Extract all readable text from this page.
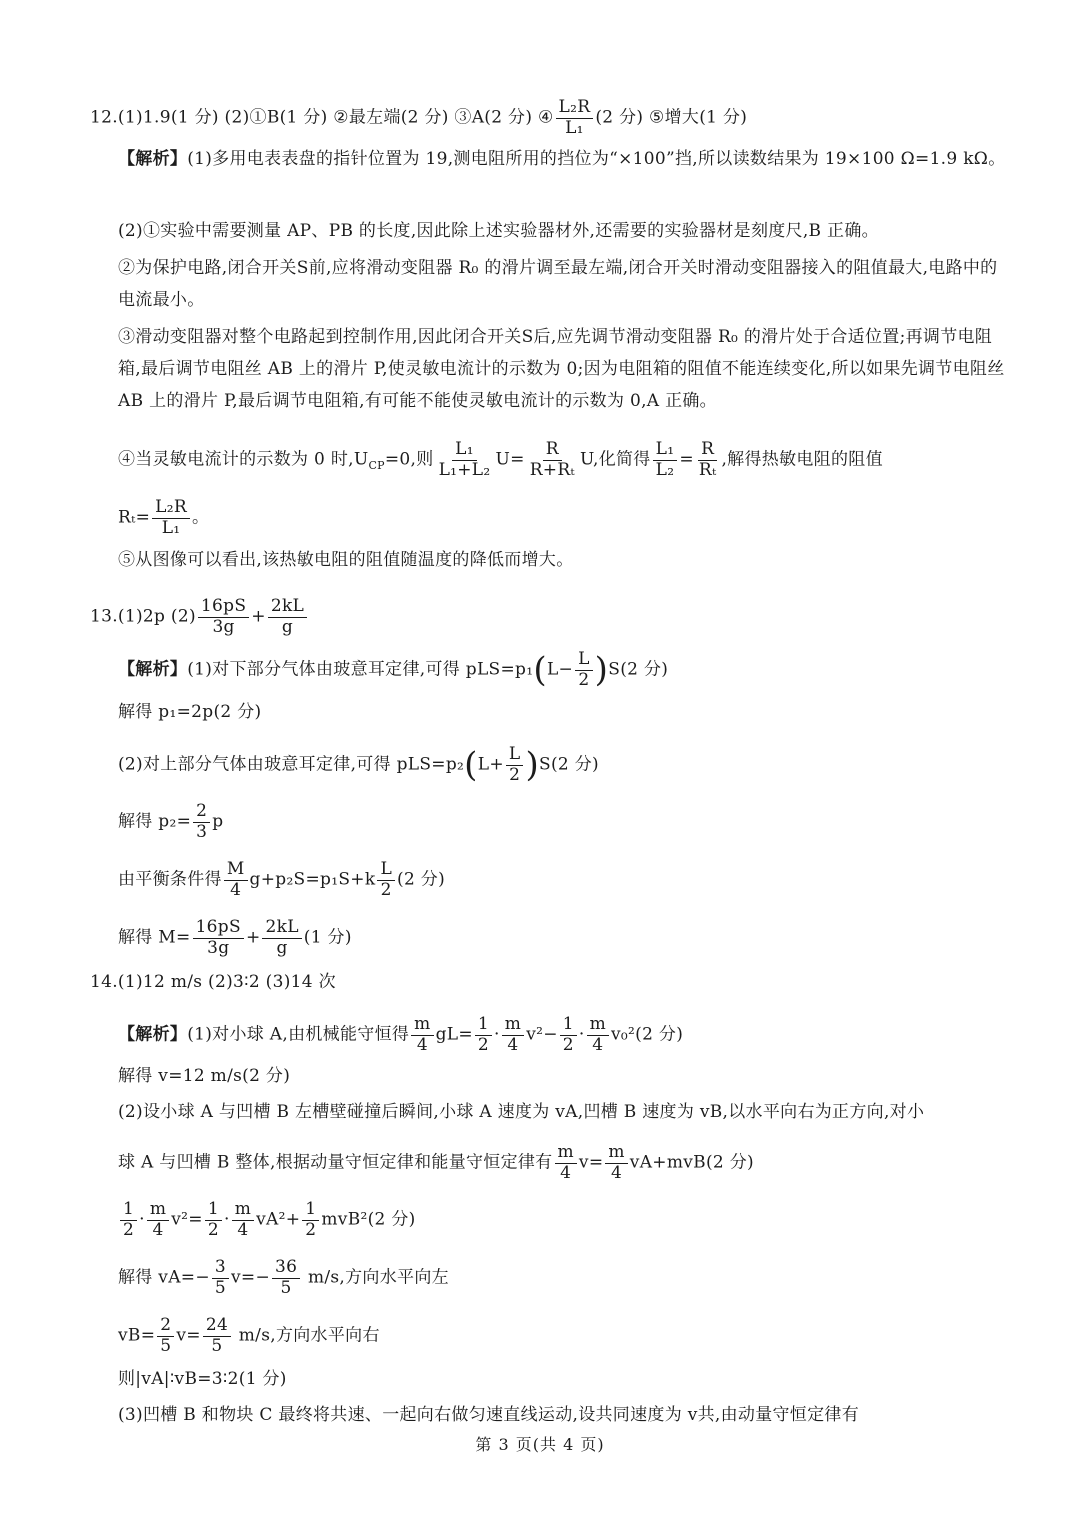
12.(1)1.9(1 分) (2)①B(1 分) ②最左端(2 分) ③A(2 分) ④ $\frac{\text{L₂R}}{\text{L₁}} (2$ 分) ⑤增大(1 分)
【解析】(1)多用电表表盘的指针位置为 19,测电阻所用的挡位为“×100”挡,所以读数结果为 19×100 Ω=1.9 kΩ。
(2)①实验中需要测量 AP、PB 的长度,因此除上述实验器材外,还需要的实验器材是刻度尺,B 正确。
②为保护电路,闭合开关S前,应将滑动变阻器 R₀ 的滑片调至最左端,闭合开关时滑动变阻器接入的阻值最大,电路中的电流最小。
③滑动变阻器对整个电路起到控制作用,因此闭合开关S后,应先调节滑动变阻器 R₀ 的滑片处于合适位置;再调节电阻箱,最后调节电阻丝 AB 上的滑片 P,使灵敏电流计的示数为 0;因为电阻箱的阻值不能连续变化,所以如果先调节电阻丝 AB 上的滑片 P,最后调节电阻箱,有可能不能使灵敏电流计的示数为 0,A 正确。
④当灵敏电流计的示数为 0 时$,U_{CP}=0$,则 $\frac{\text{L₁}}{\text{L₁+L₂}} U= \frac{R}{\text{R+Rₜ}} U$,化简得 $\frac{\text{L₁}}{\text{L₂}} = \frac{R}{\text{Rₜ}}$ ,解得热敏电阻的阻值
$R_t= \frac{\text{L₂R}}{\text{L₁}}$ 。
⑤从图像可以看出,该热敏电阻的阻值随温度的降低而增大。
13.(1)2p $(2) \frac{16pS}{3g} + \frac{2kL}{g}$
【解析】(1)对下部分气体由玻意耳定律,可得 $pLS=p_1(L- \frac{L}{2} )S(2$ 分)
解得 p₁=2p(2 分)
(2)对上部分气体由玻意耳定律,可得 $pLS=p_2(L+ \frac{L}{2} )S(2$ 分)
解得 $p_2= \frac{2}{3}$ p
由平衡条件得 $\frac{M}{4} g+p_2S=p_1S+k \frac{L}{2} (2$ 分)
解得 $M= \frac{16pS}{3g} + \frac{2kL}{g} (1$ 分)
14.(1)12 m/s (2)3∶2 (3)14 次
【解析】(1)对小球 A,由机械能守恒得 $\frac{m}{4} gL= \frac{1}{2} \cdot \frac{m}{4} v^2- \frac{1}{2} \cdot \frac{m}{4} v_0^2(2$ 分)
解得 v=12 m/s(2 分)
(2)设小球 A 与凹槽 B 左槽壁碰撞后瞬间,小球 A 速度为 vA,凹槽 B 速度为 vB,以水平向右为正方向,对小
球 A 与凹槽 B 整体,根据动量守恒定律和能量守恒定律有 $\frac{m}{4} v= \frac{m}{4} vA+mvB(2$ 分)
$\frac{1}{2} \cdot \frac{m}{4} v^2= \frac{1}{2} \cdot \frac{m}{4} vA^2+ \frac{1}{2} mvB^2(2$ 分)
解得 $vA=- \frac{3}{5} v=- \frac{36}{5} m/s$,方向水平向左
$vB= \frac{2}{5} v= \frac{24}{5} m/s$,方向水平向右
则|vA|∶vB=3∶2(1 分)
(3)凹槽 B 和物块 C 最终将共速、一起向右做匀速直线运动,设共同速度为 v共,由动量守恒定律有
第 3 页(共 4 页)
